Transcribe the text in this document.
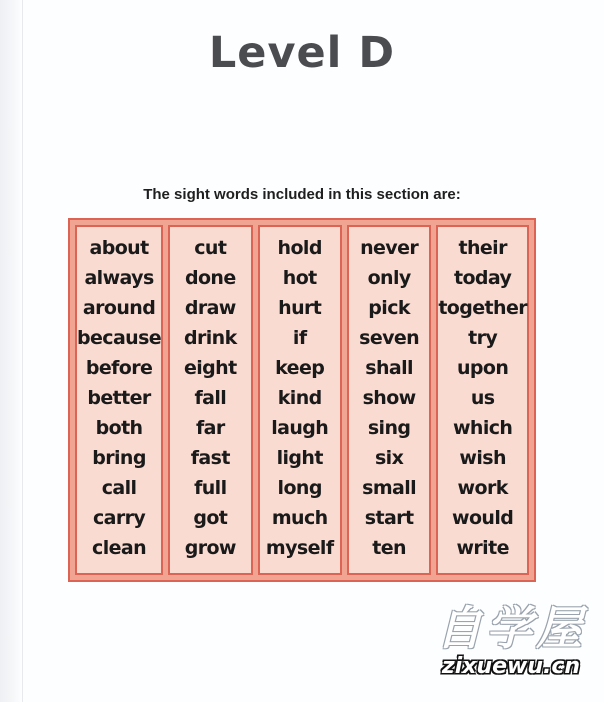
Level D

The sight words included in this section are:

about
always
around
because
before
better
both
bring
call
carry
clean
cut
done
draw
drink
eight
fall
far
fast
full
got
grow
hold
hot
hurt
if
keep
kind
laugh
light
long
much
myself
never
only
pick
seven
shall
show
sing
six
small
start
ten
their
today
together
try
upon
us
which
wish
work
would
write
自学屋
zixuewu.cn
